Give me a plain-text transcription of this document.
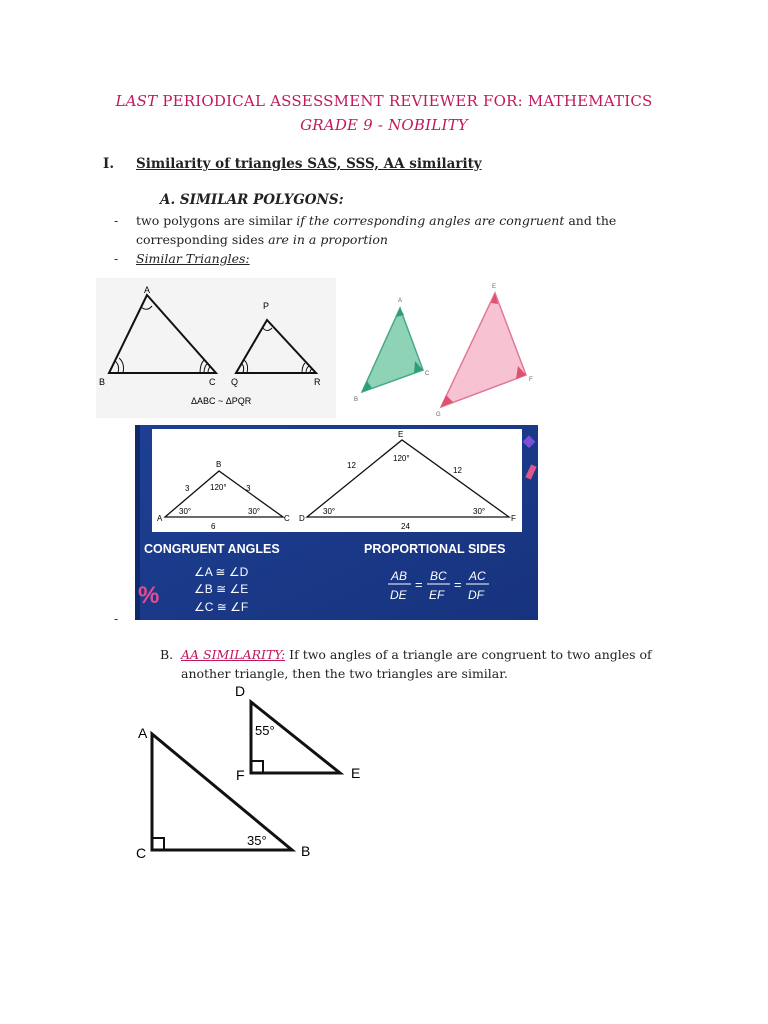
LAST PERIODICAL ASSESSMENT REVIEWER FOR: MATHEMATICS
GRADE 9 - NOBILITY
I. Similarity of triangles SAS, SSS, AA similarity
A. SIMILAR POLYGONS:
- two polygons are similar if the corresponding angles are congruent and the
corresponding sides are in a proportion
- Similar Triangles:
A
B	C
P
Q	R
ΔABC ~ ΔPQR
A
B
C
E
F
G
%
B
A	C
3	3
6
120°
30°	30°
E
D	F
12
12
24
120°
30°	30°
CONGRUENT ANGLES	PROPORTIONAL SIDES
∠A ≅ ∠D
∠B ≅ ∠E
∠C ≅ ∠F
AB
DE
=
BC
EF
=
AC
DF
-
B. AA SIMILARITY: If two angles of a triangle are congruent to two angles of
another triangle, then the two triangles are similar.
A
C	B
35°
D
F	E
55°
